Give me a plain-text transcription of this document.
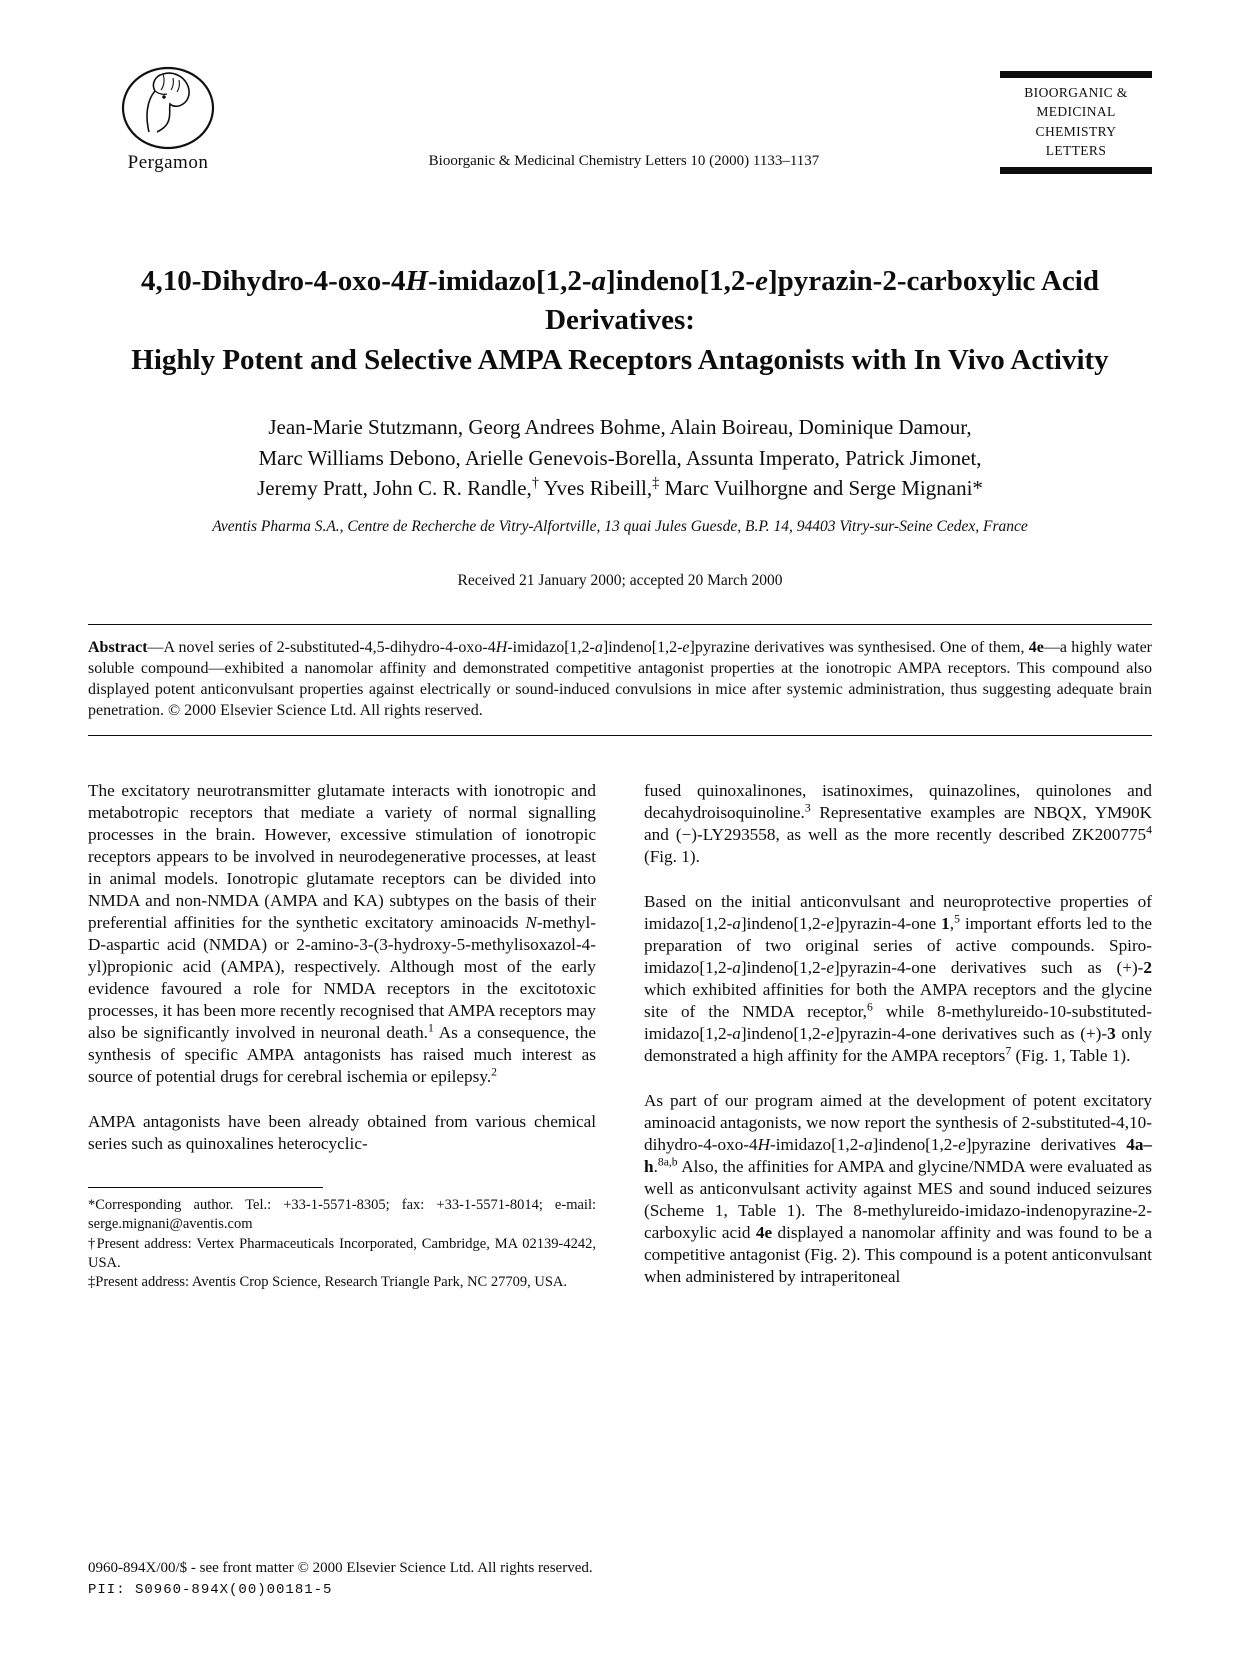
Pergamon	Bioorganic & Medicinal Chemistry Letters 10 (2000) 1133–1137
BIOORGANIC &
MEDICINAL
CHEMISTRY
LETTERS
4,10-Dihydro-4-oxo-4H-imidazo[1,2-a]indeno[1,2-e]pyrazin-2-carboxylic Acid Derivatives:
Highly Potent and Selective AMPA Receptors Antagonists with In Vivo Activity
Jean-Marie Stutzmann, Georg Andrees Bohme, Alain Boireau, Dominique Damour,
Marc Williams Debono, Arielle Genevois-Borella, Assunta Imperato, Patrick Jimonet,
Jeremy Pratt, John C. R. Randle,† Yves Ribeill,‡ Marc Vuilhorgne and Serge Mignani*
Aventis Pharma S.A., Centre de Recherche de Vitry-Alfortville, 13 quai Jules Guesde, B.P. 14, 94403 Vitry-sur-Seine Cedex, France
Received 21 January 2000; accepted 20 March 2000
Abstract—A novel series of 2-substituted-4,5-dihydro-4-oxo-4H-imidazo[1,2-a]indeno[1,2-e]pyrazine derivatives was synthesised. One of them, 4e—a highly water soluble compound—exhibited a nanomolar affinity and demonstrated competitive antagonist properties at the ionotropic AMPA receptors. This compound also displayed potent anticonvulsant properties against electrically or sound-induced convulsions in mice after systemic administration, thus suggesting adequate brain penetration. © 2000 Elsevier Science Ltd. All rights reserved.

The excitatory neurotransmitter glutamate interacts with ionotropic and metabotropic receptors that mediate a variety of normal signalling processes in the brain. However, excessive stimulation of ionotropic receptors appears to be involved in neurodegenerative processes, at least in animal models. Ionotropic glutamate receptors can be divided into NMDA and non-NMDA (AMPA and KA) subtypes on the basis of their preferential affinities for the synthetic excitatory aminoacids N-methyl-D-aspartic acid (NMDA) or 2-amino-3-(3-hydroxy-5-methylisoxazol-4-yl)propionic acid (AMPA), respectively. Although most of the early evidence favoured a role for NMDA receptors in the excitotoxic processes, it has been more recently recognised that AMPA receptors may also be significantly involved in neuronal death.$^1$ As a consequence, the synthesis of specific AMPA antagonists has raised much interest as source of potential drugs for cerebral ischemia or epilepsy.$^2$

AMPA antagonists have been already obtained from various chemical series such as quinoxalines heterocyclic-

*Corresponding author. Tel.: +33-1-5571-8305; fax: +33-1-5571-8014; e-mail: serge.mignani@aventis.com

†Present address: Vertex Pharmaceuticals Incorporated, Cambridge, MA 02139-4242, USA.

‡Present address: Aventis Crop Science, Research Triangle Park, NC 27709, USA.

fused quinoxalinones, isatinoximes, quinazolines, quinolones and decahydroisoquinoline.$^3$ Representative examples are NBQX, YM90K and (−)-LY293558, as well as the more recently described ZK200775$^4$ (Fig. 1).

Based on the initial anticonvulsant and neuroprotective properties of imidazo[1,2-a]indeno[1,2-e]pyrazin-4-one 1,$^5$ important efforts led to the preparation of two original series of active compounds. Spiro-imidazo[1,2-a]indeno[1,2-e]pyrazin-4-one derivatives such as (+)-2 which exhibited affinities for both the AMPA receptors and the glycine site of the NMDA receptor,$^6$ while 8-methylureido-10-substituted-imidazo[1,2-a]indeno[1,2-e]pyrazin-4-one derivatives such as (+)-3 only demonstrated a high affinity for the AMPA receptors$^7$ (Fig. 1, Table 1).

As part of our program aimed at the development of potent excitatory aminoacid antagonists, we now report the synthesis of 2-substituted-4,10-dihydro-4-oxo-4H-imidazo[1,2-a]indeno[1,2-e]pyrazine derivatives 4a–h.$^{8a,b}$ Also, the affinities for AMPA and glycine/NMDA were evaluated as well as anticonvulsant activity against MES and sound induced seizures (Scheme 1, Table 1). The 8-methylureido-imidazo-indenopyrazine-2-carboxylic acid 4e displayed a nanomolar affinity and was found to be a competitive antagonist (Fig. 2). This compound is a potent anticonvulsant when administered by intraperitoneal

0960-894X/00/$ - see front matter © 2000 Elsevier Science Ltd. All rights reserved.
PII: S0960-894X(00)00181-5
